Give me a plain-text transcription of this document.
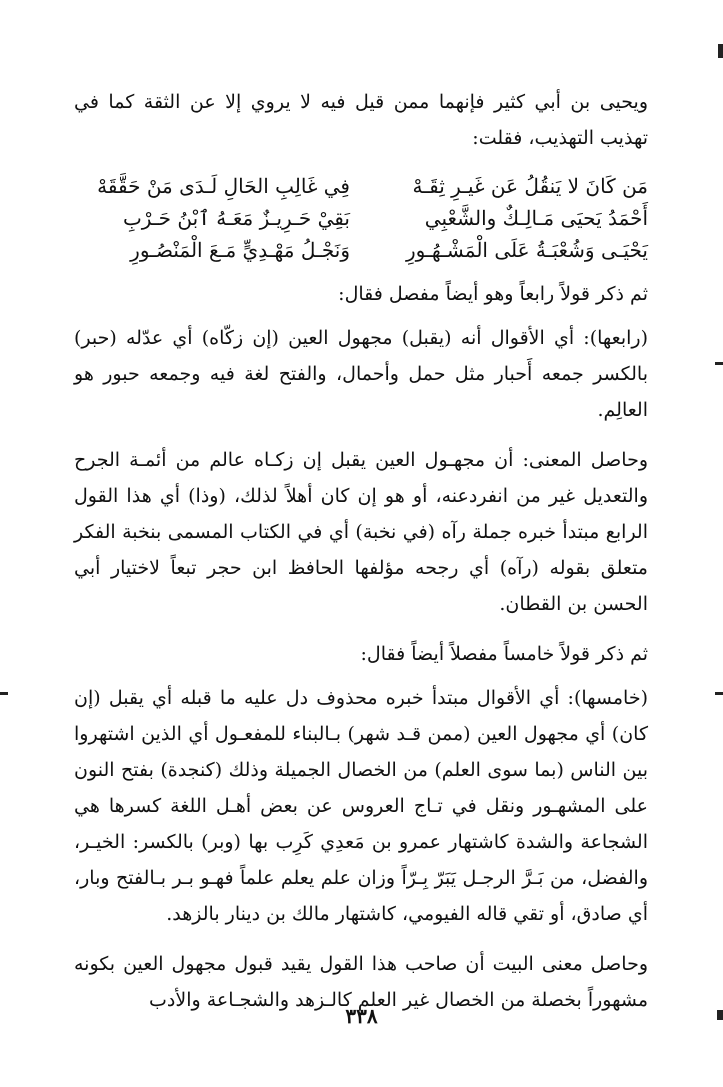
ويحيى بن أبي كثير فإنهما ممن قيل فيه لا يروي إلا عن الثقة كما في تهذيب التهذيب، فقلت:

مَن كَانَ لا يَنقُلُ عَن غَيـرِ ثِقَـهْ
فِي غَالِبِ الحَالِ لَـدَى مَنْ حَقَّقَهْ
أَحْمَدُ يَحيَى مَـالِـكٌ والشَّعْبِي
بَقِيْ حَـرِيـزٌ مَعَـهُ ٱبْنُ حَـرْبِ
يَحْيَـى وَشُعْبَـةُ عَلَى الْمَشْـهُـورِ
وَنَجْـلُ مَهْـدِيٍّ مَـعَ الْمَنْصُـورِ

ثم ذكر قولاً رابعاً وهو أيضاً مفصل فقال:

(رابعها): أي الأقوال أنه (يقبل) مجهول العين (إن زكّاه) أي عدّله (حبر) بالكسر جمعه أَحبار مثل حمل وأحمال، والفتح لغة فيه وجمعه حبور هو العالِم.

وحاصل المعنى: أن مجهـول العين يقبل إن زكـاه عالم من أئمـة الجرح والتعديل غير من انفردعنه، أو هو إن كان أهلاً لذلك، (وذا) أي هذا القول الرابع مبتدأ خبره جملة رآه (في نخبة) أي في الكتاب المسمى بنخبة الفكر متعلق بقوله (رآه) أي رجحه مؤلفها الحافظ ابن حجر تبعاً لاختيار أبي الحسن بن القطان.

ثم ذكر قولاً خامساً مفصلاً أيضاً فقال:

(خامسها): أي الأقوال مبتدأ خبره محذوف دل عليه ما قبله أي يقبل (إن كان) أي مجهول العين (ممن قـد شهر) بـالبناء للمفعـول أي الذين اشتهروا بين الناس (بما سوى العلم) من الخصال الجميلة وذلك (كنجدة) بفتح النون على المشهـور ونقل في تـاج العروس عن بعض أهـل اللغة كسرها هي الشجاعة والشدة كاشتهار عمرو بن مَعدِي كَرِب بها (وبر) بالكسر: الخيـر، والفضل، من بَـرَّ الرجـل يَبَرّ بِـرّاً وزان علم يعلم علماً فهـو بـر بـالفتح وبار، أي صادق، أو تقي قاله الفيومي، كاشتهار مالك بن دينار بالزهد.

وحاصل معنى البيت أن صاحب هذا القول يقيد قبول مجهول العين بكونه مشهوراً بخصلة من الخصال غير العلم كالـزهد والشجـاعة والأدب

٣٣٨
